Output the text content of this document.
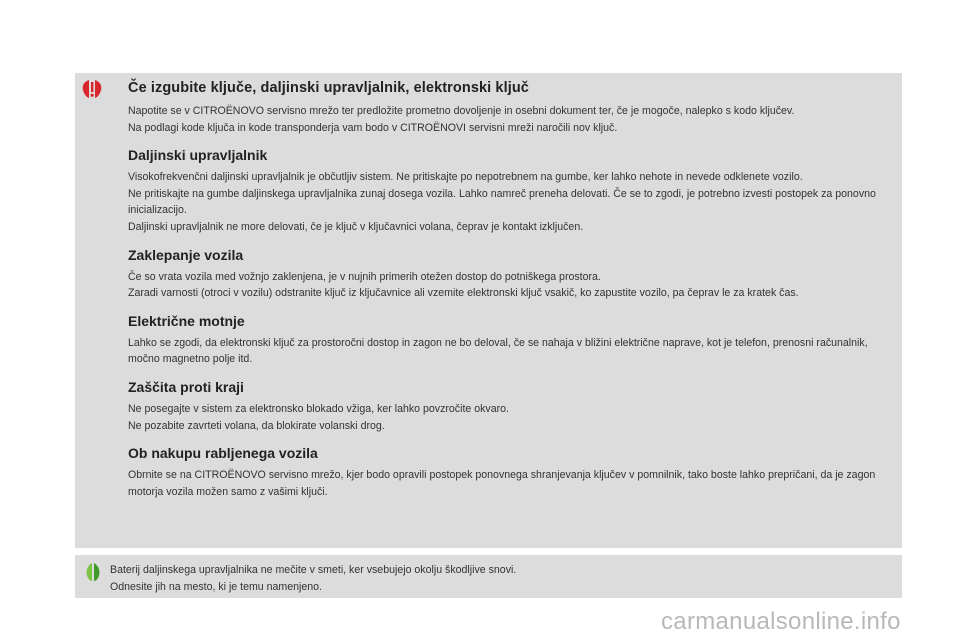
Če izgubite ključe, daljinski upravljalnik, elektronski ključ

Napotite se v CITROËNOVO servisno mrežo ter predložite prometno dovoljenje in osebni dokument ter, če je mogoče, nalepko s kodo ključev.
Na podlagi kode ključa in kode transponderja vam bodo v CITROËNOVI servisni mreži naročili nov ključ.

Daljinski upravljalnik

Visokofrekvenčni daljinski upravljalnik je občutljiv sistem. Ne pritiskajte po nepotrebnem na gumbe, ker lahko nehote in nevede odklenete vozilo.
Ne pritiskajte na gumbe daljinskega upravljalnika zunaj dosega vozila. Lahko namreč preneha delovati. Če se to zgodi, je potrebno izvesti postopek za ponovno inicializacijo.
Daljinski upravljalnik ne more delovati, če je ključ v ključavnici volana, čeprav je kontakt izključen.

Zaklepanje vozila

Če so vrata vozila med vožnjo zaklenjena, je v nujnih primerih otežen dostop do potniškega prostora.
Zaradi varnosti (otroci v vozilu) odstranite ključ iz ključavnice ali vzemite elektronski ključ vsakič, ko zapustite vozilo, pa čeprav le za kratek čas.

Električne motnje

Lahko se zgodi, da elektronski ključ za prostoročni dostop in zagon ne bo deloval, če se nahaja v bližini električne naprave, kot je telefon, prenosni računalnik, močno magnetno polje itd.

Zaščita proti kraji

Ne posegajte v sistem za elektronsko blokado vžiga, ker lahko povzročite okvaro.
Ne pozabite zavrteti volana, da blokirate volanski drog.

Ob nakupu rabljenega vozila

Obrnite se na CITROËNOVO servisno mrežo, kjer bodo opravili postopek ponovnega shranjevanja ključev v pomnilnik, tako boste lahko prepričani, da je zagon motorja vozila možen samo z vašimi ključi.

Baterij daljinskega upravljalnika ne mečite v smeti, ker vsebujejo okolju škodljive snovi.
Odnesite jih na mesto, ki je temu namenjeno.

carmanualsonline.info
